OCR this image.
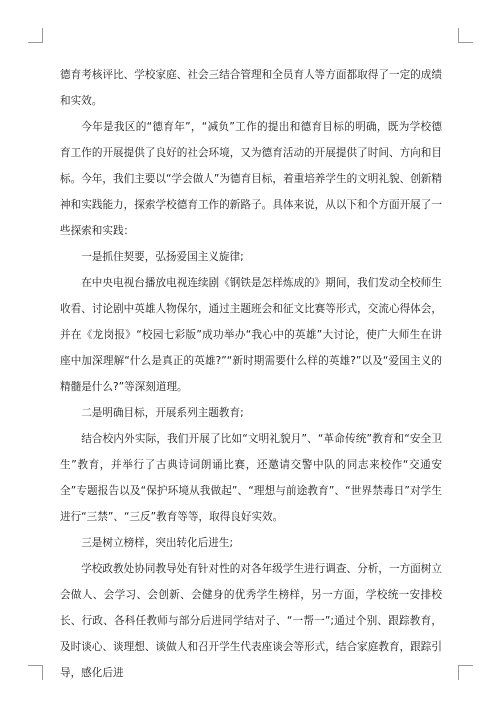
德育考核评比、学校家庭、社会三结合管理和全员育人等方面都取得了一定的成绩和实效。

今年是我区的“德育年”，“减负”工作的提出和德育目标的明确，既为学校德育工作的开展提供了良好的社会环境，又为德育活动的开展提供了时间、方向和目标。今年，我们主要以“学会做人”为德育目标，着重培养学生的文明礼貌、创新精神和实践能力，探索学校德育工作的新路子。具体来说，从以下和个方面开展了一些探索和实践：

一是抓住契要，弘扬爱国主义旋律;

在中央电视台播放电视连续剧《钢铁是怎样炼成的》期间，我们发动全校师生收看、讨论剧中英雄人物保尔，通过主题班会和征文比赛等形式，交流心得体会，并在《龙岗报》“校园七彩版”成功举办“我心中的英雄”大讨论，使广大师生在讲座中加深理解“什么是真正的英雄?”“新时期需要什么样的英雄?”以及“爱国主义的精髓是什么?”等深刻道理。

二是明确目标，开展系列主题教育;

结合校内外实际，我们开展了比如“文明礼貌月”、“革命传统”教育和“安全卫生”教育，并举行了古典诗词朗诵比赛，还邀请交警中队的同志来校作“交通安全”专题报告以及“保护环境从我做起”、“理想与前途教育”、“世界禁毒日”对学生进行“三禁”、“三反”教育等等，取得良好实效。

三是树立榜样，突出转化后进生;

学校政教处协同教导处有针对性的对各年级学生进行调查、分析，一方面树立会做人、会学习、会创新、会健身的优秀学生榜样，另一方面，学校统一安排校长、行政、各科任教师与部分后进同学结对子、“一帮一”;通过个别、跟踪教育，及时谈心、谈理想、谈做人和召开学生代表座谈会等形式，结合家庭教育，跟踪引导，感化后进
